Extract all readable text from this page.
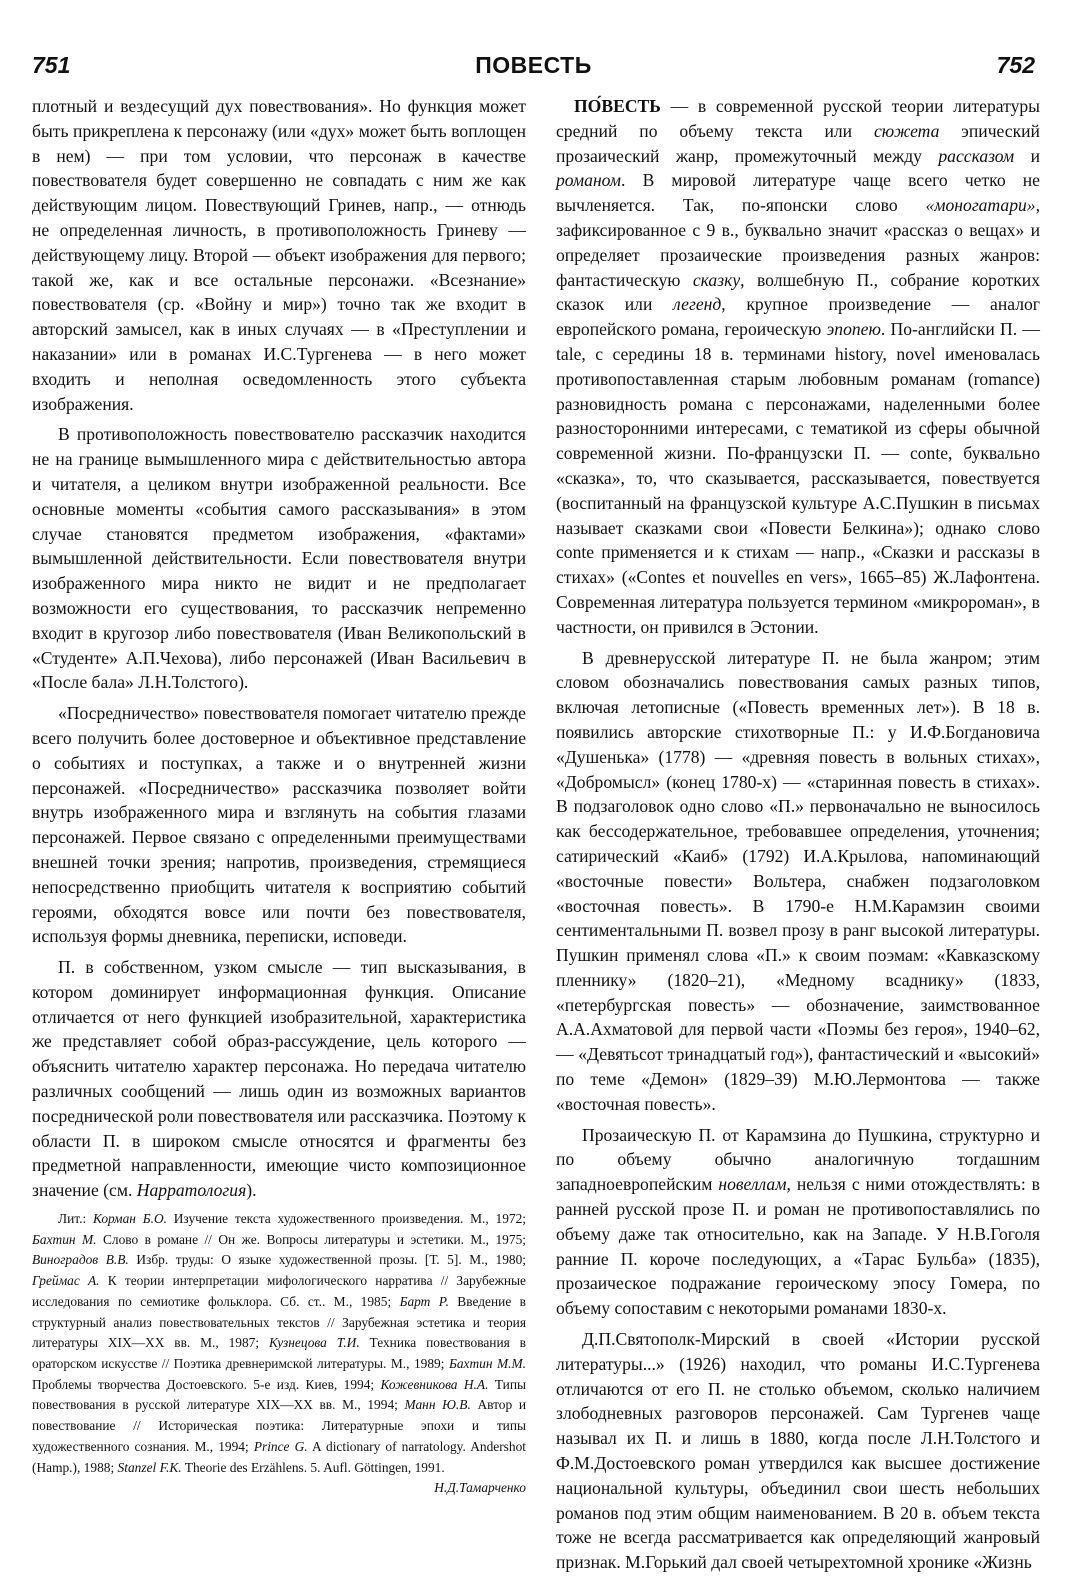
751	ПОВЕСТЬ	752

плотный и вездесущий дух повествования». Но функция может быть прикреплена к персонажу (или «дух» может быть воплощен в нем) — при том условии, что персонаж в качестве повествователя будет совершенно не совпадать с ним же как действующим лицом. Повествующий Гринев, напр., — отнюдь не определенная личность, в противоположность Гриневу — действующему лицу. Второй — объект изображения для первого; такой же, как и все остальные персонажи. «Всезнание» повествователя (ср. «Войну и мир») точно так же входит в авторский замысел, как в иных случаях — в «Преступлении и наказании» или в романах И.С.Тургенева — в него может входить и неполная осведомленность этого субъекта изображения.

В противоположность повествователю рассказчик находится не на границе вымышленного мира с действительностью автора и читателя, а целиком внутри изображенной реальности. Все основные моменты «события самого рассказывания» в этом случае становятся предметом изображения, «фактами» вымышленной действительности. Если повествователя внутри изображенного мира никто не видит и не предполагает возможности его существования, то рассказчик непременно входит в кругозор либо повествователя (Иван Великопольский в «Студенте» А.П.Чехова), либо персонажей (Иван Васильевич в «После бала» Л.Н.Толстого).

«Посредничество» повествователя помогает читателю прежде всего получить более достоверное и объективное представление о событиях и поступках, а также и о внутренней жизни персонажей. «Посредничество» рассказчика позволяет войти внутрь изображенного мира и взглянуть на события глазами персонажей. Первое связано с определенными преимуществами внешней точки зрения; напротив, произведения, стремящиеся непосредственно приобщить читателя к восприятию событий героями, обходятся вовсе или почти без повествователя, используя формы дневника, переписки, исповеди.

П. в собственном, узком смысле — тип высказывания, в котором доминирует информационная функция. Описание отличается от него функцией изобразительной, характеристика же представляет собой образ-рассуждение, цель которого — объяснить читателю характер персонажа. Но передача читателю различных сообщений — лишь один из возможных вариантов посреднической роли повествователя или рассказчика. Поэтому к области П. в широком смысле относятся и фрагменты без предметной направленности, имеющие чисто композиционное значение (см. Нарратология).

Лит.: Корман Б.О. Изучение текста художественного произведения. М., 1972; Бахтин М. Слово в романе // Он же. Вопросы литературы и эстетики. М., 1975; Виноградов В.В. Избр. труды: О языке художественной прозы. [Т. 5]. М., 1980; Греймас А. К теории интерпретации мифологического нарратива // Зарубежные исследования по семиотике фольклора. Сб. ст.. М., 1985; Барт Р. Введение в структурный анализ повествовательных текстов // Зарубежная эстетика и теория литературы XIX—XX вв. М., 1987; Кузнецова Т.И. Техника повествования в ораторском искусстве // Поэтика древнеримской литературы. М., 1989; Бахтин М.М. Проблемы творчества Достоевского. 5-е изд. Киев, 1994; Кожевникова Н.А. Типы повествования в русской литературе XIX—XX вв. М., 1994; Манн Ю.В. Автор и повествование // Историческая поэтика: Литературные эпохи и типы художественного сознания. М., 1994; Prince G. A dictionary of narratology. Andershot (Hamp.), 1988; Stanzel F.K. Theorie des Erzählens. 5. Aufl. Göttingen, 1991.
Н.Д.Тамарченко

ПО́ВЕСТЬ — в современной русской теории литературы средний по объему текста или сюжета эпический прозаический жанр, промежуточный между рассказом и романом. В мировой литературе чаще всего четко не вычленяется. Так, по-японски слово «моногатари», зафиксированное с 9 в., буквально значит «рассказ о вещах» и определяет прозаические произведения разных жанров: фантастическую сказку, волшебную П., собрание коротких сказок или легенд, крупное произведение — аналог европейского романа, героическую эпопею. По-английски П. — tale, с середины 18 в. терминами history, novel именовалась противопоставленная старым любовным романам (romance) разновидность романа с персонажами, наделенными более разносторонними интересами, с тематикой из сферы обычной современной жизни. По-французски П. — conte, буквально «сказка», то, что сказывается, рассказывается, повествуется (воспитанный на французской культуре А.С.Пушкин в письмах называет сказками свои «Повести Белкина»); однако слово conte применяется и к стихам — напр., «Сказки и рассказы в стихах» («Contes et nouvelles en vers», 1665–85) Ж.Лафонтена. Современная литература пользуется термином «микророман», в частности, он привился в Эстонии.

В древнерусской литературе П. не была жанром; этим словом обозначались повествования самых разных типов, включая летописные («Повесть временных лет»). В 18 в. появились авторские стихотворные П.: у И.Ф.Богдановича «Душенька» (1778) — «древняя повесть в вольных стихах», «Добромысл» (конец 1780-х) — «старинная повесть в стихах». В подзаголовок одно слово «П.» первоначально не выносилось как бессодержательное, требовавшее определения, уточнения; сатирический «Каиб» (1792) И.А.Крылова, напоминающий «восточные повести» Вольтера, снабжен подзаголовком «восточная повесть». В 1790-е Н.М.Карамзин своими сентиментальными П. возвел прозу в ранг высокой литературы. Пушкин применял слова «П.» к своим поэмам: «Кавказскому пленнику» (1820–21), «Медному всаднику» (1833, «петербургская повесть» — обозначение, заимствованное А.А.Ахматовой для первой части «Поэмы без героя», 1940–62, — «Девятьсот тринадцатый год»), фантастический и «высокий» по теме «Демон» (1829–39) М.Ю.Лермонтова — также «восточная повесть».

Прозаическую П. от Карамзина до Пушкина, структурно и по объему обычно аналогичную тогдашним западноевропейским новеллам, нельзя с ними отождествлять: в ранней русской прозе П. и роман не противопоставлялись по объему даже так относительно, как на Западе. У Н.В.Гоголя ранние П. короче последующих, а «Тарас Бульба» (1835), прозаическое подражание героическому эпосу Гомера, по объему сопоставим с некоторыми романами 1830-х.

Д.П.Святополк-Мирский в своей «Истории русской литературы...» (1926) находил, что романы И.С.Тургенева отличаются от его П. не столько объемом, сколько наличием злободневных разговоров персонажей. Сам Тургенев чаще называл их П. и лишь в 1880, когда после Л.Н.Толстого и Ф.М.Достоевского роман утвердился как высшее достижение национальной культуры, объединил свои шесть небольших романов под этим общим наименованием. В 20 в. объем текста тоже не всегда рассматривается как определяющий жанровый признак. М.Горький дал своей четырехтомной хронике «Жизнь
